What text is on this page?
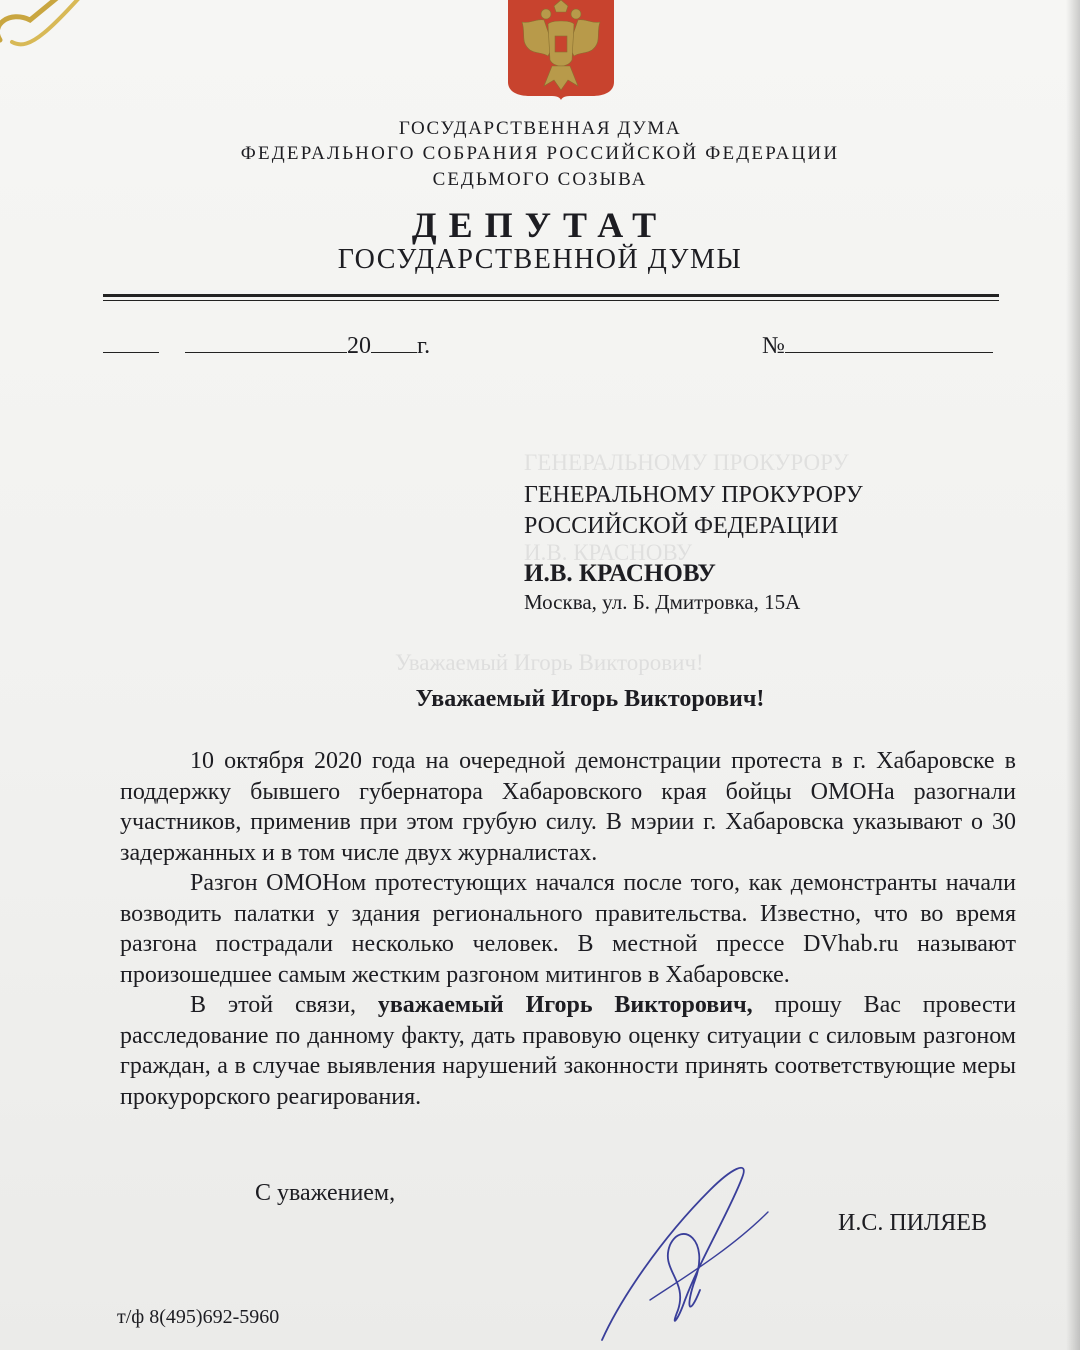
ГОСУДАРСТВЕННАЯ ДУМА
ФЕДЕРАЛЬНОГО СОБРАНИЯ РОССИЙСКОЙ ФЕДЕРАЦИИ
СЕДЬМОГО СОЗЫВА
ДЕПУТАТ
ГОСУДАРСТВЕННОЙ ДУМЫ
20 г.	№
ГЕНЕРАЛЬНОМУ ПРОКУРОРУ
И.В. КРАСНОВУ
Уважаемый Игорь Викторович!
ГЕНЕРАЛЬНОМУ ПРОКУРОРУ
РОССИЙСКОЙ ФЕДЕРАЦИИ
И.В. КРАСНОВУ
Москва, ул. Б. Дмитровка, 15А
Уважаемый Игорь Викторович!

10 октября 2020 года на очередной демонстрации протеста в г. Хабаровске в поддержку бывшего губернатора Хабаровского края бойцы ОМОНа разогнали участников, применив при этом грубую силу. В мэрии г. Хабаровска указывают о 30 задержанных и в том числе двух журналистах.

Разгон ОМОНом протестующих начался после того, как демонстранты начали возводить палатки у здания регионального правительства. Известно, что во время разгона пострадали несколько человек. В местной прессе DVhab.ru называют произошедшее самым жестким разгоном митингов в Хабаровске.

В этой связи, уважаемый Игорь Викторович, прошу Вас провести расследование по данному факту, дать правовую оценку ситуации с силовым разгоном граждан, а в случае выявления нарушений законности принять соответствующие меры прокурорского реагирования.

С уважением,
И.С. ПИЛЯЕВ
т/ф 8(495)692-5960
